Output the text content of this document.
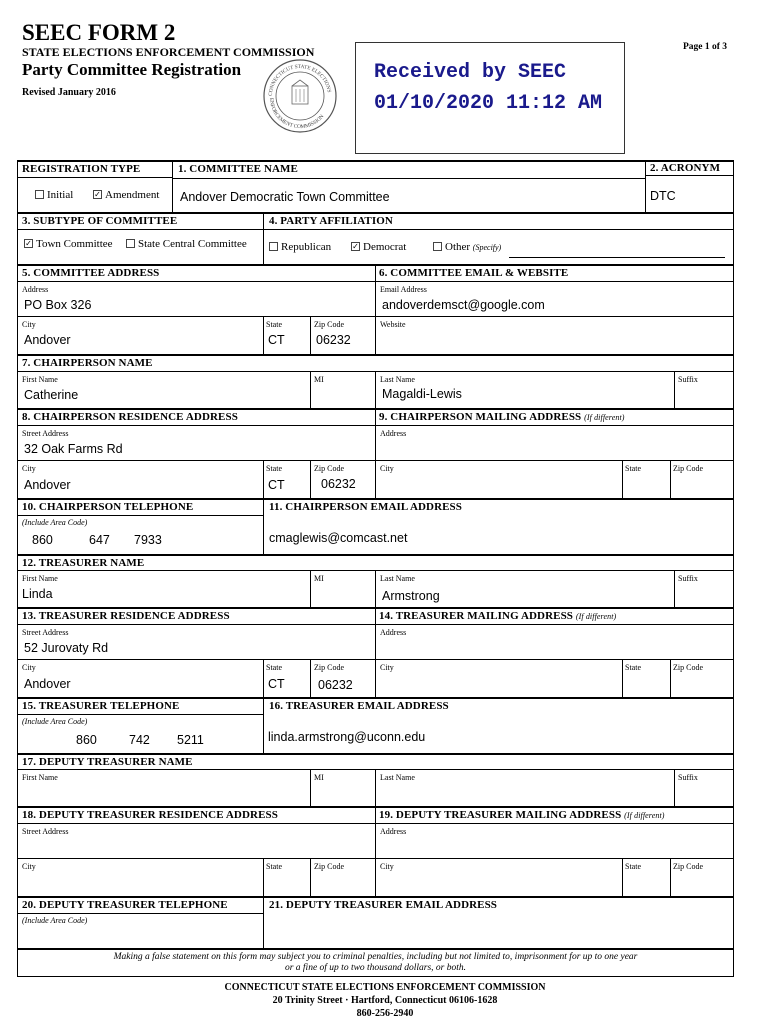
SEEC FORM 2
STATE ELECTIONS ENFORCEMENT COMMISSION
Party Committee Registration
Revised January 2016
Page 1 of 3
CONNECTICUT STATE ELECTIONS
ENFORCEMENT COMMISSION
Received by SEEC
01/10/2020 11:12 AM
REGISTRATION TYPE
Initial	✓ Amendment
1. COMMITTEE NAME
Andover Democratic Town Committee
2. ACRONYM
DTC
3. SUBTYPE OF COMMITTEE
✓ Town Committee	State Central Committee
4. PARTY AFFILIATION
Republican	✓ Democrat	Other (Specify)
5. COMMITTEE ADDRESS
Address
PO Box 326
City
Andover
State
CT
Zip Code
06232
6. COMMITTEE EMAIL & WEBSITE
Email Address
andoverdemsct@google.com
Website
7. CHAIRPERSON NAME
First Name
Catherine
MI	Last Name
Magaldi-Lewis
Suffix
8. CHAIRPERSON RESIDENCE ADDRESS
Street Address
32 Oak Farms Rd
City
Andover
State
CT
Zip Code
06232
9. CHAIRPERSON MAILING ADDRESS (If different)
Address
City	State	Zip Code
10. CHAIRPERSON TELEPHONE
(Include Area Code)
860	647 7933
11. CHAIRPERSON EMAIL ADDRESS
cmaglewis@comcast.net
12. TREASURER NAME
First Name
Linda
MI	Last Name
Armstrong
Suffix
13. TREASURER RESIDENCE ADDRESS
Street Address
52 Jurovaty Rd
City
Andover
State
CT
Zip Code
06232
14. TREASURER MAILING ADDRESS (If different)
Address
City	State	Zip Code
15. TREASURER TELEPHONE
(Include Area Code)
860	742 5211
16. TREASURER EMAIL ADDRESS
linda.armstrong@uconn.edu
17. DEPUTY TREASURER NAME
First Name	MI	Last Name	Suffix
18. DEPUTY TREASURER RESIDENCE ADDRESS
Street Address
City	State	Zip Code
19. DEPUTY TREASURER MAILING ADDRESS (If different)
Address
City	State	Zip Code
20. DEPUTY TREASURER TELEPHONE
(Include Area Code)
21. DEPUTY TREASURER EMAIL ADDRESS
Making a false statement on this form may subject you to criminal penalties, including but not limited to, imprisonment for up to one year
or a fine of up to two thousand dollars, or both.
CONNECTICUT STATE ELECTIONS ENFORCEMENT COMMISSION
20 Trinity Street · Hartford, Connecticut 06106-1628
860-256-2940
